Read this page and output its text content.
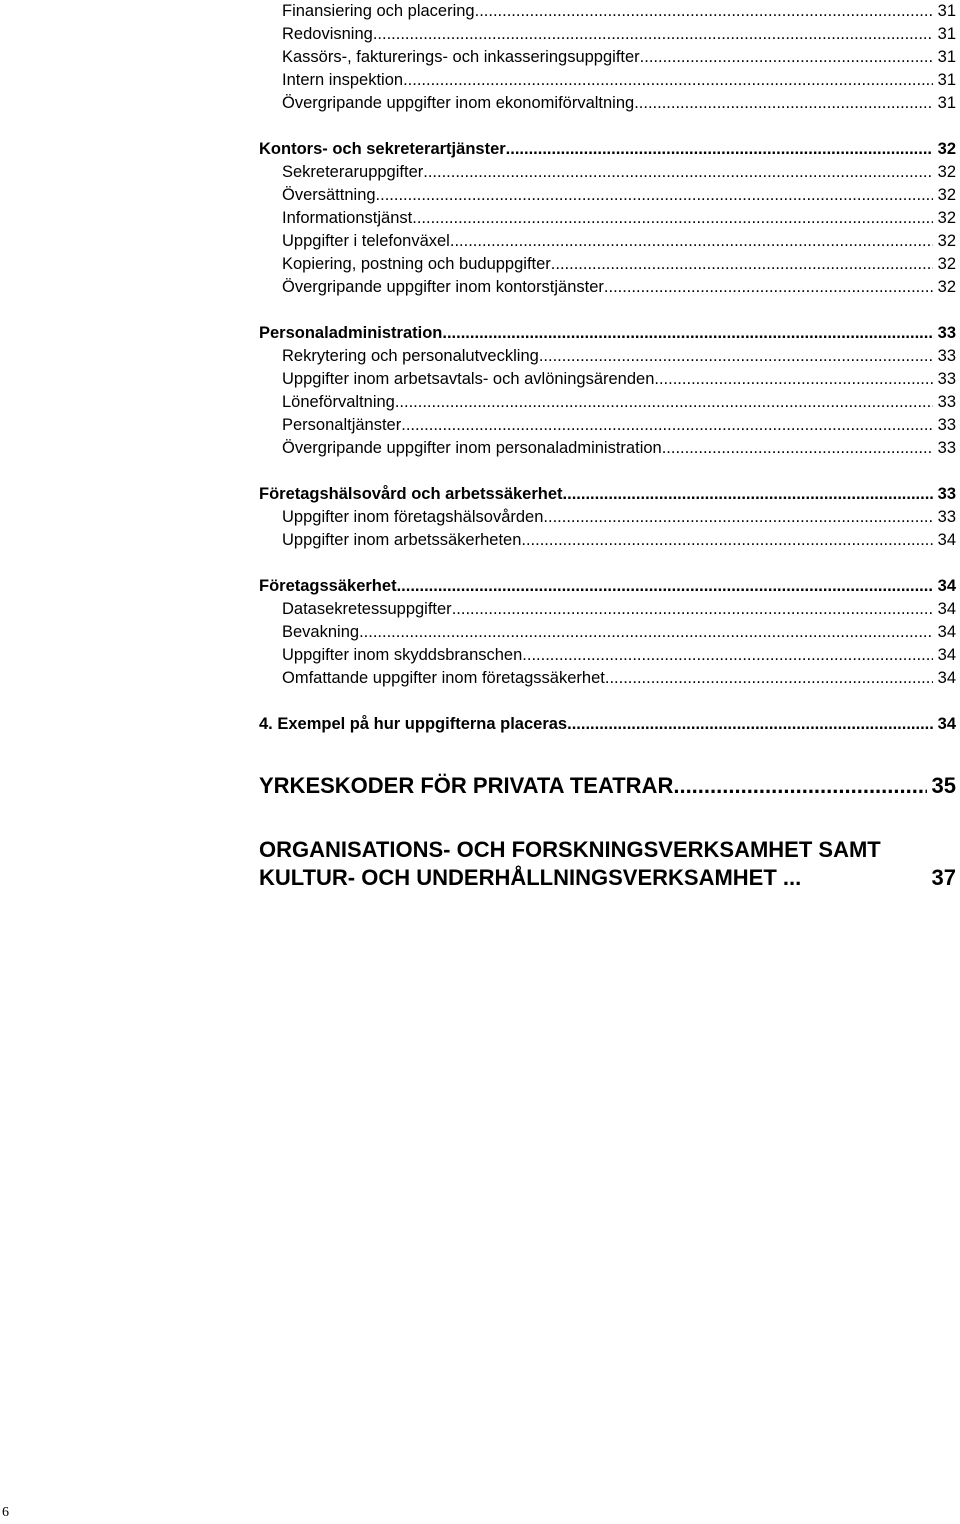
Finansiering och placering .....	31
Redovisning .....	31
Kassörs-, fakturerings- och inkasseringsuppgifter .....	31
Intern inspektion .....	31
Övergripande uppgifter inom ekonomiförvaltning .....	31
Kontors- och sekreterartjänster .....	32
Sekreteraruppgifter .....	32
Översättning .....	32
Informationstjänst .....	32
Uppgifter i telefonväxel .....	32
Kopiering, postning och buduppgifter .....	32
Övergripande uppgifter inom kontorstjänster .....	32
Personaladministration .....	33
Rekrytering och personalutveckling .....	33
Uppgifter inom arbetsavtals- och avlöningsärenden .....	33
Löneförvaltning .....	33
Personaltjänster .....	33
Övergripande uppgifter inom personaladministration .....	33
Företagshälsovård och arbetssäkerhet .....	33
Uppgifter inom företagshälsovården .....	33
Uppgifter inom arbetssäkerheten .....	34
Företagssäkerhet .....	34
Datasekretessuppgifter .....	34
Bevakning .....	34
Uppgifter inom skyddsbranschen .....	34
Omfattande uppgifter inom företagssäkerhet .....	34
4. Exempel på hur uppgifterna placeras .....	34
YRKESKODER FÖR PRIVATA TEATRAR .....	35
ORGANISATIONS- OCH FORSKNINGSVERKSAMHET SAMT KULTUR- OCH UNDERHÅLLNINGSVERKSAMHET ...	37
6
